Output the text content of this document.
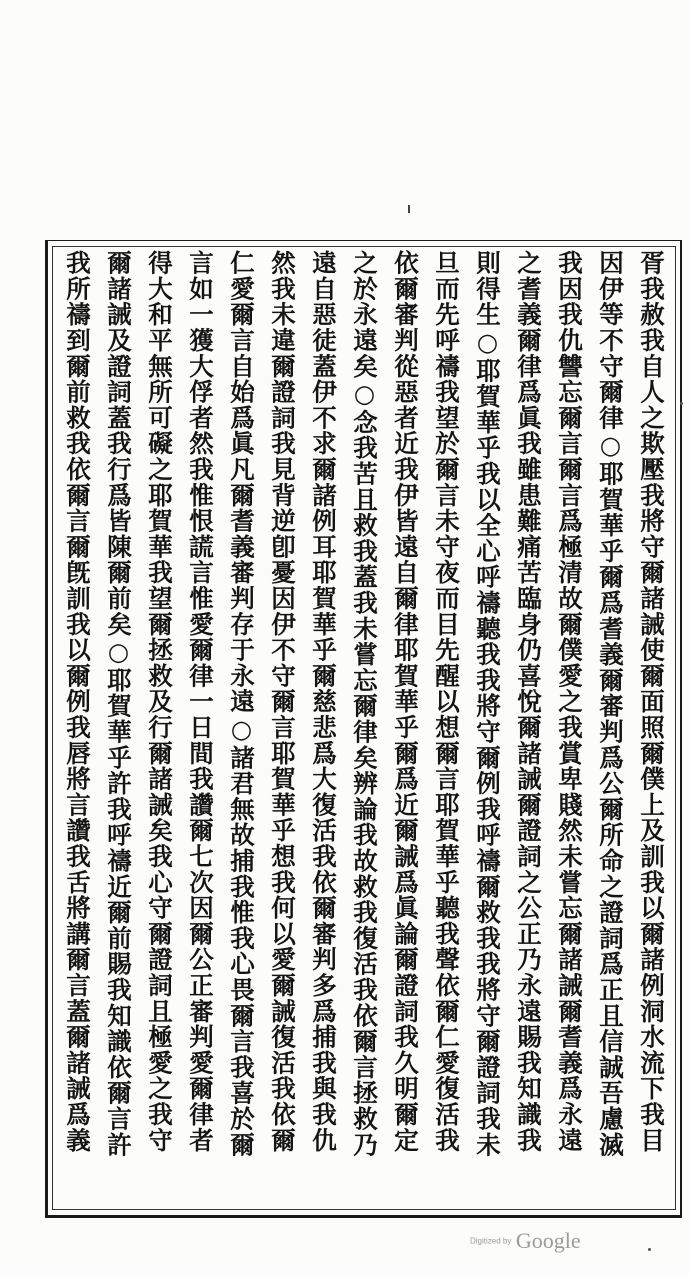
胥我赦我自人之欺壓我將守爾諸誡使爾面照爾僕上及訓我以爾諸例洞水流下我目
因伊等不守爾律○耶賀華乎爾爲耆義爾審判爲公爾所命之證詞爲正且信誠吾慮滅
我因我仇讐忘爾言爾言爲極清故爾僕愛之我賞卑賤然未嘗忘爾諸誡爾耆義爲永遠
之耆義爾律爲眞我雖患難痛苦臨身仍喜悅爾諸誡爾證詞之公正乃永遠賜我知識我
則得生○耶賀華乎我以全心呼禱聽我我將守爾例我呼禱爾救我我將守爾證詞我未
旦而先呼禱我望於爾言未守夜而目先醒以想爾言耶賀華乎聽我聲依爾仁愛復活我
依爾審判從惡者近我伊皆遠自爾律耶賀華乎爾爲近爾誡爲眞論爾證詞我久明爾定
之於永遠矣○念我苦且救我蓋我未嘗忘爾律矣辨論我故救我復活我依爾言拯救乃
遠自惡徒蓋伊不求爾諸例耳耶賀華乎爾慈悲爲大復活我依爾審判多爲捕我與我仇
然我未違爾證詞我見背逆卽憂因伊不守爾言耶賀華乎想我何以愛爾誡復活我依爾
仁愛爾言自始爲眞凡爾耆義審判存于永遠○諸君無故捕我惟我心畏爾言我喜於爾
言如一獲大俘者然我惟恨謊言惟愛爾律一日間我讚爾七次因爾公正審判愛爾律者
得大和平無所可礙之耶賀華我望爾拯救及行爾諸誡矣我心守爾證詞且極愛之我守
爾諸誡及證詞蓋我行爲皆陳爾前矣○耶賀華乎許我呼禱近爾前賜我知識依爾言許
我所禱到爾前救我依爾言爾旣訓我以爾例我唇將言讚我舌將講爾言蓋爾諸誡爲義
Digitized by Google
